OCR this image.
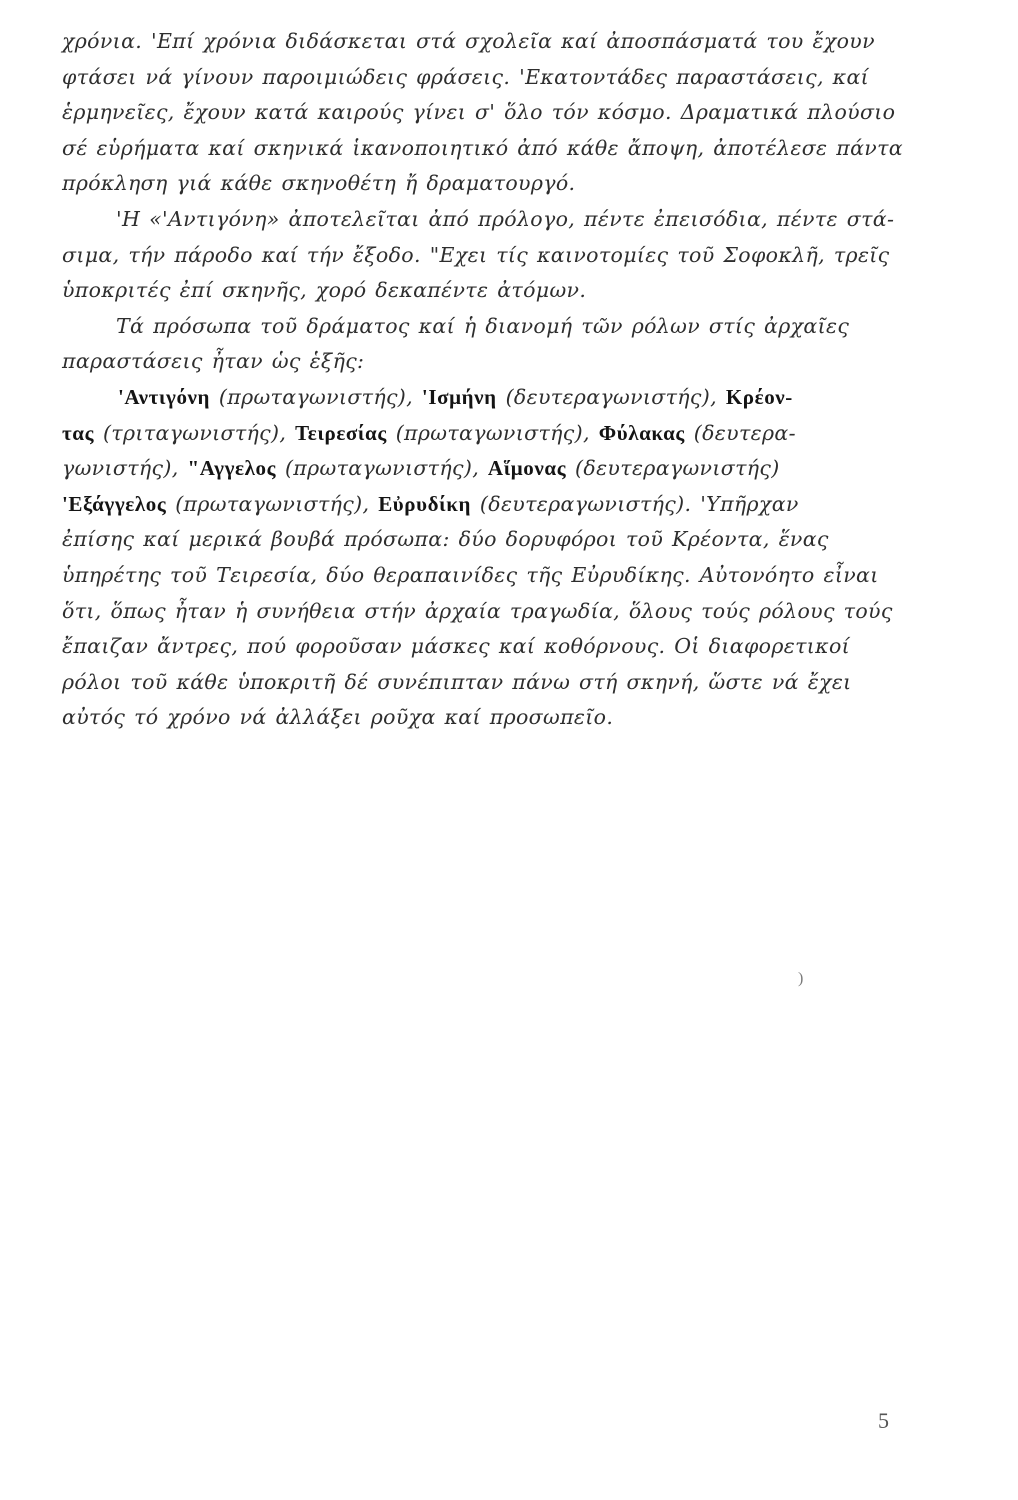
χρόνια. 'Επί χρόνια διδάσκεται στά σχολεῖα καί ἀποσπάσματά του ἔχουν
φτάσει νά γίνουν παροιμιώδεις φράσεις. 'Εκατοντάδες παραστάσεις, καί
ἑρμηνεῖες, ἔχουν κατά καιρούς γίνει σ' ὅλο τόν κόσμο. Δραματικά πλούσιο
σέ εὑρήματα καί σκηνικά ἱκανοποιητικό ἀπό κάθε ἄποψη, ἀποτέλεσε πάντα
πρόκληση γιά κάθε σκηνοθέτη ἤ δραματουργό.
'Η «'Αντιγόνη» ἀποτελεῖται ἀπό πρόλογο, πέντε ἐπεισόδια, πέντε στά-
σιμα, τήν πάροδο καί τήν ἔξοδο. "Εχει τίς καινοτομίες τοῦ Σοφοκλῆ, τρεῖς
ὑποκριτές ἐπί σκηνῆς, χορό δεκαπέντε ἀτόμων.
Τά πρόσωπα τοῦ δράματος καί ἡ διανομή τῶν ρόλων στίς ἀρχαῖες
παραστάσεις ἦταν ὡς ἑξῆς:
'Αντιγόνη (πρωταγωνιστής), 'Ισμήνη (δευτεραγωνιστής), Κρέον-
τας (τριταγωνιστής), Τειρεσίας (πρωταγωνιστής), Φύλακας (δευτερα-
γωνιστής), "Αγγελος (πρωταγωνιστής), Αἵμονας (δευτεραγωνιστής)
'Εξάγγελος (πρωταγωνιστής), Εὐρυδίκη (δευτεραγωνιστής). 'Υπῆρχαν
ἐπίσης καί μερικά βουβά πρόσωπα: δύο δορυφόροι τοῦ Κρέοντα, ἕνας
ὑπηρέτης τοῦ Τειρεσία, δύο θεραπαινίδες τῆς Εὐρυδίκης. Αὐτονόητο εἶναι
ὅτι, ὅπως ἦταν ἡ συνήθεια στήν ἀρχαία τραγωδία, ὅλους τούς ρόλους τούς
ἔπαιζαν ἄντρες, πού φοροῦσαν μάσκες καί κοθόρνους. Οἱ διαφορετικοί
ρόλοι τοῦ κάθε ὑποκριτῆ δέ συνέπιπταν πάνω στή σκηνή, ὥστε νά ἔχει
αὐτός τό χρόνο νά ἀλλάξει ροῦχα καί προσωπεῖο.
)
5
